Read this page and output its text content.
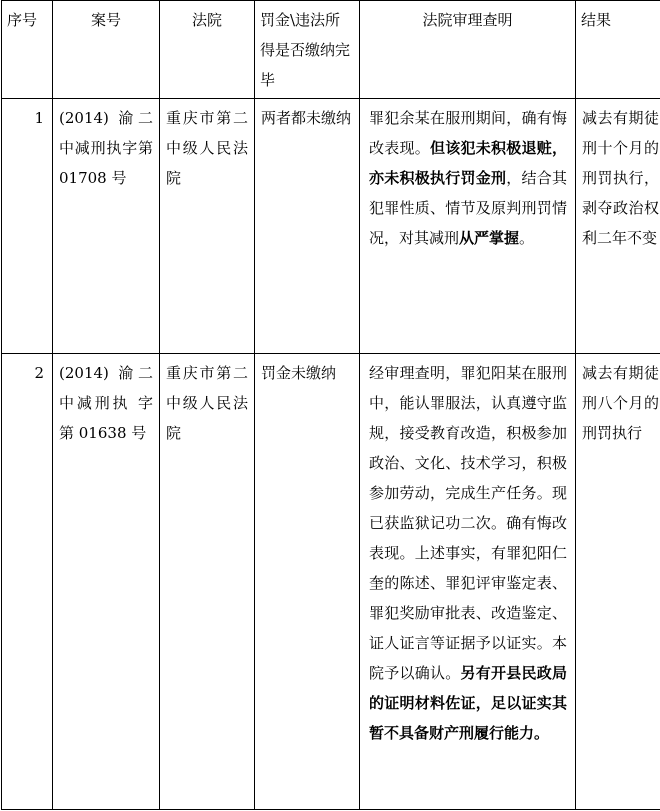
序号	案号	法院	罚金\违法所得是否缴纳完毕	法院审理查明	结果

1	(2014) 渝二中减刑执字第 01708 号	重庆市第二中级人民法院	两者都未缴纳	罪犯余某在服刑期间，确有悔改表现。但该犯未积极退赃，亦未积极执行罚金刑，结合其犯罪性质、情节及原判刑罚情况，对其减刑从严掌握。	减去有期徒刑十个月的刑罚执行，剥夺政治权利二年不变

2	(2014) 渝二中减刑执 字 第 01638 号	重庆市第二中级人民法院	罚金未缴纳	经审理查明，罪犯阳某在服刑中，能认罪服法，认真遵守监规，接受教育改造，积极参加政治、文化、技术学习，积极参加劳动，完成生产任务。现已获监狱记功二次。确有悔改表现。上述事实，有罪犯阳仁奎的陈述、罪犯评审鉴定表、罪犯奖励审批表、改造鉴定、证人证言等证据予以证实。本院予以确认。另有开县民政局的证明材料佐证，足以证实其暂不具备财产刑履行能力。	减去有期徒刑八个月的刑罚执行
